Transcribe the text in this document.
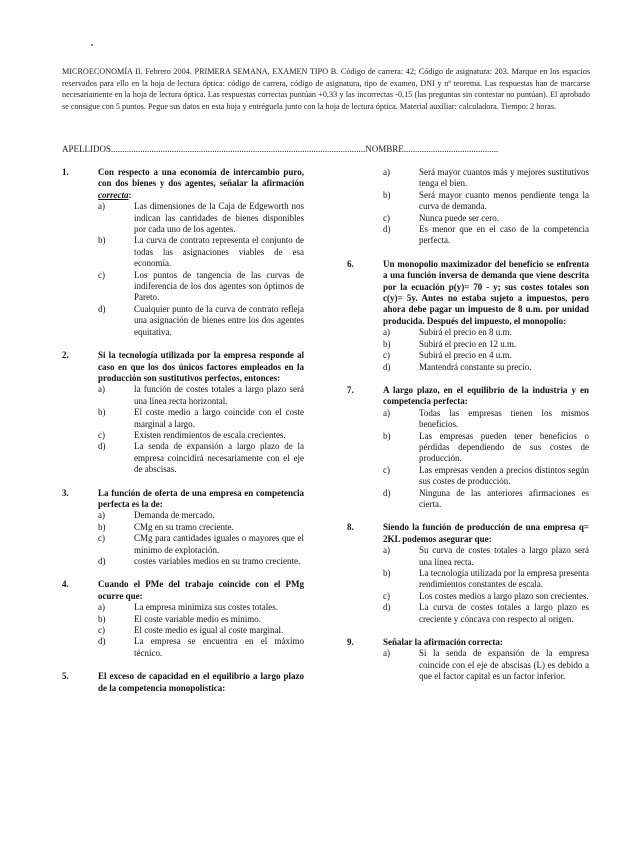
MICROECONOMÍA II. Febrero 2004. PRIMERA SEMANA, EXAMEN TIPO B. Código de carrera: 42; Código de asignatura: 203. Marque en los espacios reservados para ello en la hoja de lectura óptica: código de carrera, código de asignatura, tipo de examen, DNI y nº teorema. Las respuestas han de marcarse necesariamente en la hoja de lectura óptica. Las respuestas correctas puntúan +0,33 y las incorrectas -0,15 (las preguntas sin contestar no puntúan). El aprobado se consigue con 5 puntos. Pegue sus datos en esta hoja y entréguela junto con la hoja de lectura óptica. Material auxiliar: calculadora. Tiempo: 2 horas.
APELLIDOS.................................................................................................................NOMBRE..........................................
1.	Con respecto a una economía de intercambio puro, con dos bienes y dos agentes, señalar la afirmación correcta:
a)	Las dimensiones de la Caja de Edgeworth nos indican las cantidades de bienes disponibles por cada uno de los agentes.
b)	La curva de contrato representa el conjunto de todas las asignaciones viables de esa economía.
c)	Los puntos de tangencia de las curvas de indiferencia de los dos agentes son óptimos de Pareto.
d)	Cualquier punto de la curva de contrato refleja una asignación de bienes entre los dos agentes equitativa.
2.	Si la tecnología utilizada por la empresa responde al caso en que los dos únicos factores empleados en la producción son sustitutivos perfectos, entonces:
a)	la función de costes totales a largo plazo será una línea recta horizontal.
b)	El coste medio a largo coincide con el coste marginal a largo.
c)	Existen rendimientos de escala crecientes.
d)	La senda de expansión a largo plazo de la empresa coincidirá necesariamente con el eje de abscisas.
3.	La función de oferta de una empresa en competencia perfecta es la de:
a)	Demanda de mercado.
b)	CMg en su tramo creciente.
c)	CMg para cantidades iguales o mayores que el mínimo de explotación.
d)	costes variables medios en su tramo creciente.
4.	Cuando el PMe del trabajo coincide con el PMg ocurre que:
a)	La empresa minimiza sus costes totales.
b)	El coste variable medio es mínimo.
c)	El coste medio es igual al coste marginal.
d)	La empresa se encuentra en el máximo técnico.
5.	El exceso de capacidad en el equilibrio a largo plazo de la competencia monopolística:
a)	Será mayor cuantos más y mejores sustitutivos tenga el bien.
b)	Será mayor cuanto menos pendiente tenga la curva de demanda.
c)	Nunca puede ser cero.
d)	Es menor que en el caso de la competencia perfecta.
6.	Un monopolio maximizador del beneficio se enfrenta a una función inversa de demanda que viene descrita por la ecuación p(y)= 70 - y; sus costes totales son c(y)= 5y. Antes no estaba sujeto a impuestos, pero ahora debe pagar un impuesto de 8 u.m. por unidad producida. Después del impuesto, el monopolio:
a)	Subirá el precio en 8 u.m.
b)	Subirá el precio en 12 u.m.
c)	Subirá el precio en 4 u.m.
d)	Mantendrá constante su precio.
7.	A largo plazo, en el equilibrio de la industria y en competencia perfecta:
a)	Todas las empresas tienen los mismos beneficios.
b)	Las empresas pueden tener beneficios o pérdidas dependiendo de sus costes de producción.
c)	Las empresas venden a precios distintos según sus costes de producción.
d)	Ninguna de las anteriores afirmaciones es cierta.
8.	Siendo la función de producción de una empresa q= 2KL podemos asegurar que:
a)	Su curva de costes totales a largo plazo será una línea recta.
b)	La tecnología utilizada por la empresa presenta rendimientos constantes de escala.
c)	Los costes medios a largo plazo son crecientes.
d)	La curva de costes totales a largo plazo es creciente y cóncava con respecto al origen.
9.	Señalar la afirmación correcta:
a)	Si la senda de expansión de la empresa coincide con el eje de abscisas (L) es debido a que el factor capital es un factor inferior.
